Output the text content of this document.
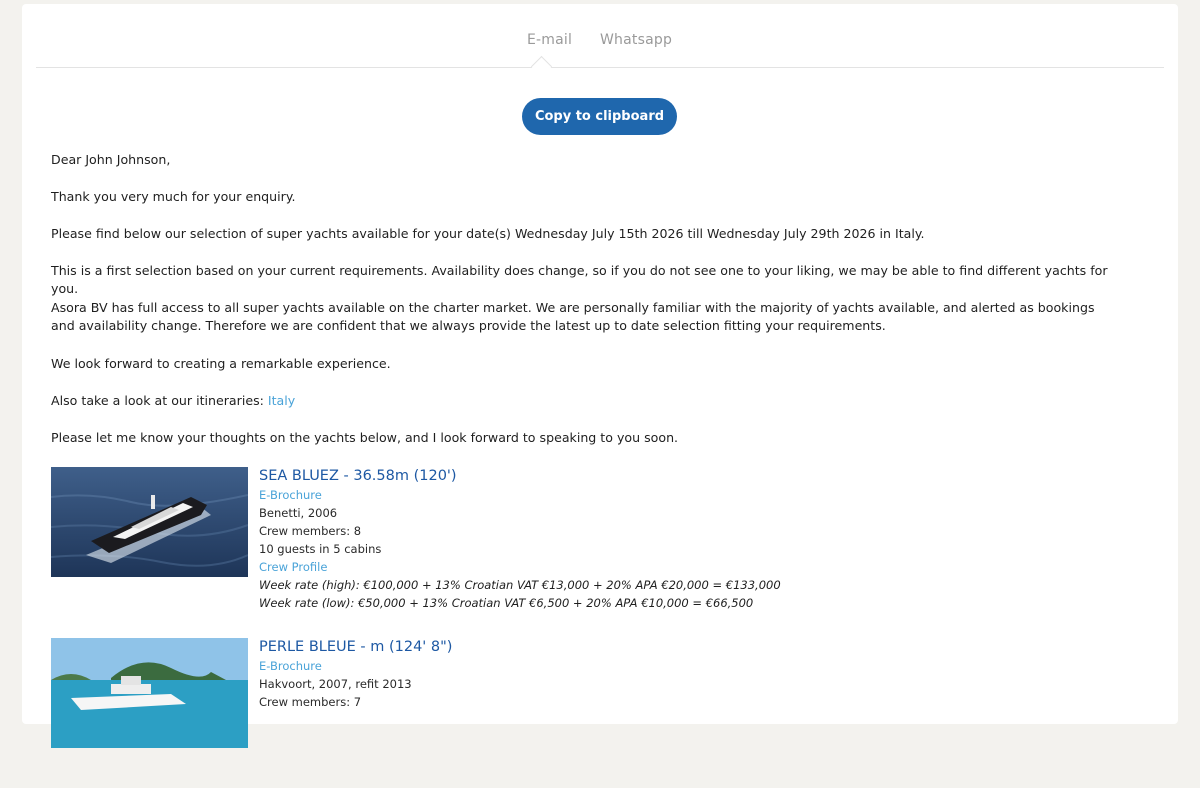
E-mail Whatsapp
Copy to clipboard

Dear John Johnson,

Thank you very much for your enquiry.

Please find below our selection of super yachts available for your date(s) Wednesday July 15th 2026 till Wednesday July 29th 2026 in Italy.

This is a first selection based on your current requirements. Availability does change, so if you do not see one to your liking, we may be able to find different yachts for you.

Asora BV has full access to all super yachts available on the charter market. We are personally familiar with the majority of yachts available, and alerted as bookings and availability change. Therefore we are confident that we always provide the latest up to date selection fitting your requirements.

We look forward to creating a remarkable experience.

Also take a look at our itineraries: Italy

Please let me know your thoughts on the yachts below, and I look forward to speaking to you soon.

SEA BLUEZ - 36.58m (120')
E-Brochure
Benetti, 2006
Crew members: 8
10 guests in 5 cabins
Crew Profile
Week rate (high): €100,000 + 13% Croatian VAT €13,000 + 20% APA €20,000 = €133,000
Week rate (low): €50,000 + 13% Croatian VAT €6,500 + 20% APA €10,000 = €66,500
PERLE BLEUE - m (124' 8")
E-Brochure
Hakvoort, 2007, refit 2013
Crew members: 7
